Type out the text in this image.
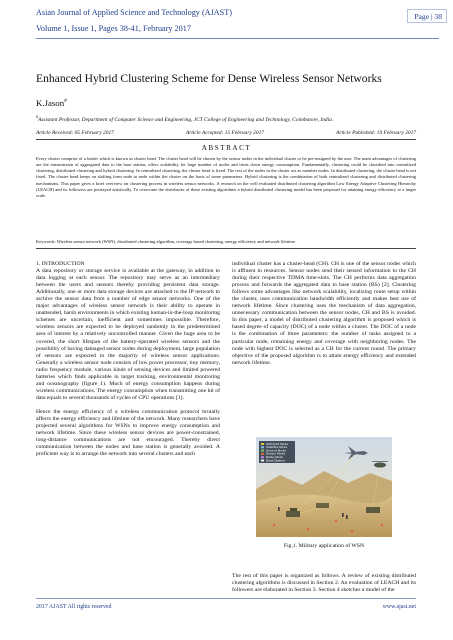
Asian Journal of Applied Science and Technology (AJAST)
Volume 1, Issue 1, Pages 38-41, February 2017
Page | 38
Enhanced Hybrid Clustering Scheme for Dense Wireless Sensor Networks
K.Jason#
#Assistant Professor, Department of Computer Science and Engineering, JCT College of Engineering and Technology, Coimbatore, India.
Article Received: 05 February 2017	Article Accepted: 15 February 2017	Article Published: 19 February 2017
ABSTRACT
Every cluster comprise of a leader which is known as cluster head. The cluster head will be chosen by the sensor nodes in the individual cluster or be pre-assigned by the user. The main advantages of clustering are the transmission of aggregated data to the base station, offers scalability for huge number of nodes and trims down energy consumption. Fundamentally, clustering could be classified into centralized clustering, distributed clustering and hybrid clustering. In centralized clustering, the cluster head is fixed. The rest of the nodes in the cluster act as member nodes. In distributed clustering, the cluster head is not fixed. The cluster head keeps on shifting form node to node within the cluster on the basis of some parameters. Hybrid clustering is the combination of both centralized clustering and distributed clustering mechanisms. This paper gives a brief overview on clustering process in wireless sensor networks. A research on the well evaluated distributed clustering algorithm Low Energy Adaptive Clustering Hierarchy (LEACH) and its followers are portrayed artistically. To overcome the drawbacks of these existing algorithms a hybrid distributed clustering model has been proposed for attaining energy efficiency to a larger scale.
Keywords: Wireless sensor network (WSN), distributed clustering algorithm, coverage based clustering, energy efficiency and network lifetime.

1. INTRODUCTION
A data repository or storage service is available at the gateway, in addition to data logging at each sensor. The repository may serve as an intermediary between the users and sensors thereby providing persistent data storage. Additionally, one or more data storage devices are attached to the IP network to archive the sensor data from a number of edge sensor networks. One of the major advantages of wireless sensor network is their ability to operate in unattended, harsh environments in which existing human-in-the-loop monitoring schemes are uncertain, inefficient and sometimes impossible. Therefore, wireless sensors are expected to be deployed randomly in the predetermined area of interest by a relatively uncontrolled manner. Given the huge area to be covered, the short lifespan of the battery-operated wireless sensors and the possibility of having damaged sensor nodes during deployment, large population of sensors are expected in the majority of wireless sensor applications. Generally a wireless sensor node consists of low power processor, tiny memory, radio frequency module, various kinds of sensing devices and limited powered batteries which finds applicable in target tracking, environmental monitoring and oceanography (figure 1). Much of energy consumption happens during wireless communications. The energy consumption when transmitting one bit of data equals to several thousands of cycles of CPU operations [1].

Hence the energy efficiency of a wireless communication protocol brutally affects the energy efficiency and lifetime of the network. Many researchers have projected several algorithms for WSNs to improve energy consumption and network lifetime. Since these wireless sensor devices are power-constrained, long-distance communications are not encouraged. Thereby direct communication between the nodes and base station is generally avoided. A proficient way is to arrange the network into several clusters and each

individual cluster has a cluster-head (CH). CH is one of the sensor nodes which is affluent in resources. Sensor nodes send their sensed information to the CH during their respective TDMA time-slots. The CH performs data aggregation process and forwards the aggregated data to base station (BS) [2]. Clustering follows some advantages like network scalability, localizing route setup within the cluster, uses communication bandwidth efficiently and makes best use of network lifetime. Since clustering uses the mechanism of data aggregation, unnecessary communication between the sensor nodes, CH and BS is avoided. In this paper, a model of distributed clustering algorithm is proposed which is based degree of capacity (DOC) of a node within a cluster. The DOC of a node is the combination of three parameters: the number of tasks assigned to a particular node, remaining energy and coverage with neighboring nodes. The node with highest DOC is selected as a CH for the current round. The primary objective of the proposed algorithm is to attain energy efficiency and extended network lifetime.
UAV/UAS Node
Satellite Node
Ground Node
Sensor Node
Relay Node
Base Station
Fig.1. Military application of WSN
The rest of this paper is organized as follows. A review of existing distributed clustering algorithms is discussed in Section 2. An evaluation of LEACH and its followers are elaborated in Section 3. Section 4 sketches a model of the
2017 AJAST All rights reserved	www.ajast.net
